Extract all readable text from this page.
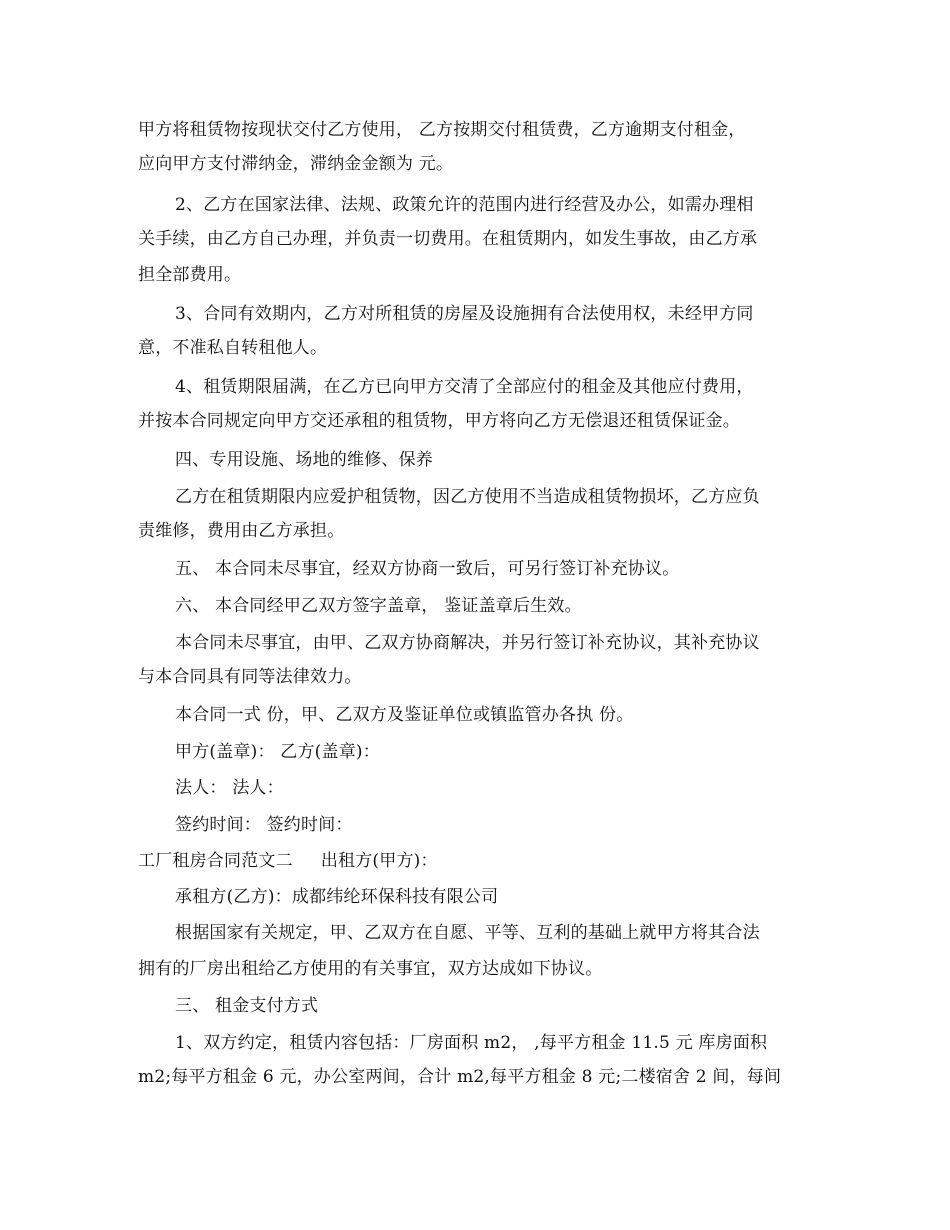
甲方将租赁物按现状交付乙方使用， 乙方按期交付租赁费，乙方逾期支付租金，
应向甲方支付滞纳金，滞纳金金额为 元。
2、乙方在国家法律、法规、政策允许的范围内进行经营及办公，如需办理相
关手续，由乙方自己办理，并负责一切费用。在租赁期内，如发生事故，由乙方承
担全部费用。
3、合同有效期内，乙方对所租赁的房屋及设施拥有合法使用权，未经甲方同
意，不准私自转租他人。
4、租赁期限届满，在乙方已向甲方交清了全部应付的租金及其他应付费用，
并按本合同规定向甲方交还承租的租赁物，甲方将向乙方无偿退还租赁保证金。
四、专用设施、场地的维修、保养
乙方在租赁期限内应爱护租赁物，因乙方使用不当造成租赁物损坏，乙方应负
责维修，费用由乙方承担。
五、 本合同未尽事宜，经双方协商一致后，可另行签订补充协议。
六、 本合同经甲乙双方签字盖章， 鉴证盖章后生效。
本合同未尽事宜，由甲、乙双方协商解决，并另行签订补充协议，其补充协议
与本合同具有同等法律效力。
本合同一式 份，甲、乙双方及鉴证单位或镇监管办各执 份。
甲方(盖章)： 乙方(盖章)：
法人： 法人：
签约时间： 签约时间：
工厂租房合同范文二 出租方(甲方)：
承租方(乙方)：成都纬纶环保科技有限公司
根据国家有关规定，甲、乙双方在自愿、平等、互利的基础上就甲方将其合法
拥有的厂房出租给乙方使用的有关事宜，双方达成如下协议。
三、 租金支付方式
1、双方约定，租赁内容包括：厂房面积 m2， ,每平方租金 11.5 元 库房面积
m2;每平方租金 6 元，办公室两间，合计 m2,每平方租金 8 元;二楼宿舍 2 间，每间
